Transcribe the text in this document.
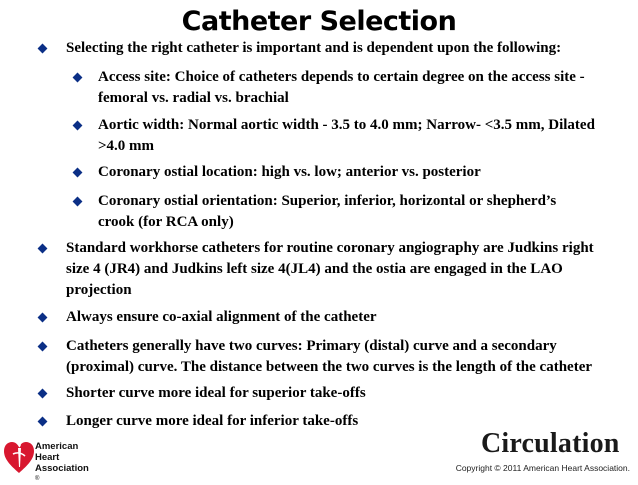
Catheter Selection
Selecting the right catheter is important and is dependent upon the following:
Access site: Choice of catheters depends to certain degree on the access site -
femoral vs. radial vs. brachial
Aortic width: Normal aortic width - 3.5 to 4.0 mm; Narrow- <3.5 mm, Dilated
>4.0 mm
Coronary ostial location: high vs. low; anterior vs. posterior
Coronary ostial orientation: Superior, inferior, horizontal or shepherd’s
crook (for RCA only)
Standard workhorse catheters for routine coronary angiography are Judkins right
size 4 (JR4) and Judkins left size 4(JL4) and the ostia are engaged in the LAO
projection
Always ensure co-axial alignment of the catheter
Catheters generally have two curves: Primary (distal) curve and a secondary
(proximal) curve. The distance between the two curves is the length of the catheter
Shorter curve more ideal for superior take-offs
Longer curve more ideal for inferior take-offs
American
Heart
Association
®
Circulation
Copyright © 2011 American Heart Association.
